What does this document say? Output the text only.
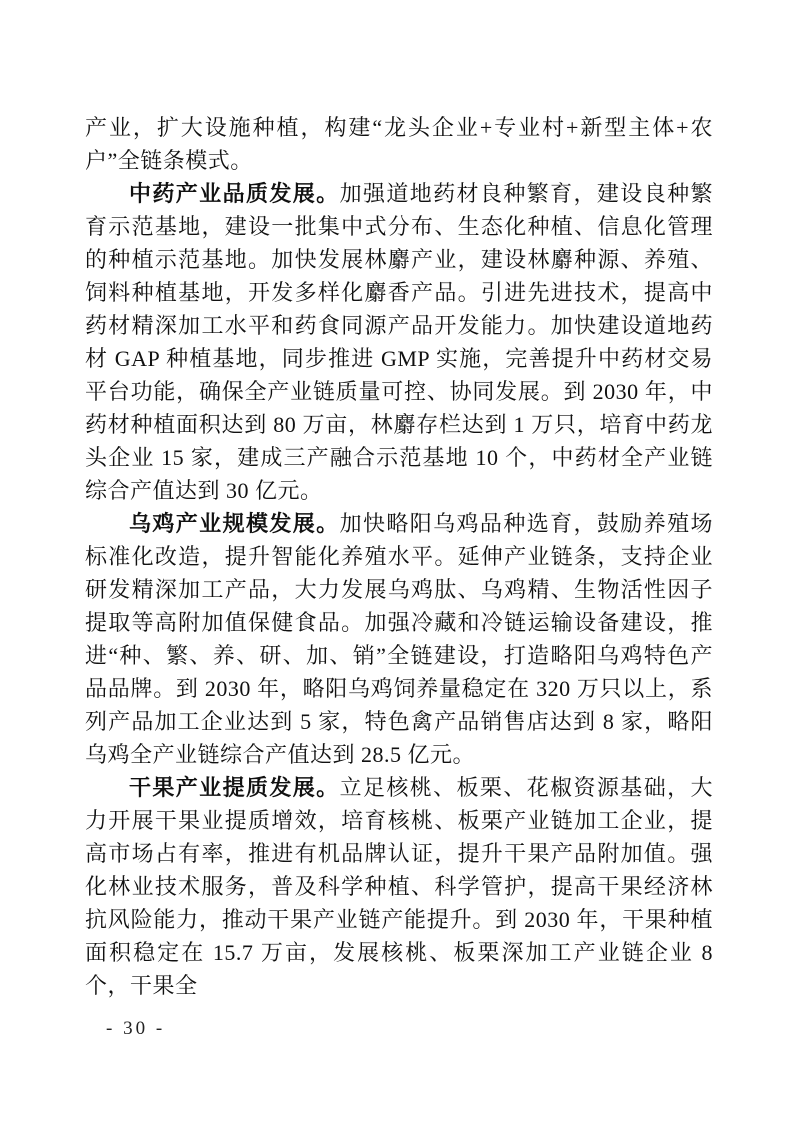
产业，扩大设施种植，构建“龙头企业+专业村+新型主体+农户”全链条模式。

中药产业品质发展。加强道地药材良种繁育，建设良种繁育示范基地，建设一批集中式分布、生态化种植、信息化管理的种植示范基地。加快发展林麝产业，建设林麝种源、养殖、饲料种植基地，开发多样化麝香产品。引进先进技术，提高中药材精深加工水平和药食同源产品开发能力。加快建设道地药材 GAP 种植基地，同步推进 GMP 实施，完善提升中药材交易平台功能，确保全产业链质量可控、协同发展。到 2030 年，中药材种植面积达到 80 万亩，林麝存栏达到 1 万只，培育中药龙头企业 15 家，建成三产融合示范基地 10 个，中药材全产业链综合产值达到 30 亿元。

乌鸡产业规模发展。加快略阳乌鸡品种选育，鼓励养殖场标准化改造，提升智能化养殖水平。延伸产业链条，支持企业研发精深加工产品，大力发展乌鸡肽、乌鸡精、生物活性因子提取等高附加值保健食品。加强冷藏和冷链运输设备建设，推进“种、繁、养、研、加、销”全链建设，打造略阳乌鸡特色产品品牌。到 2030 年，略阳乌鸡饲养量稳定在 320 万只以上，系列产品加工企业达到 5 家，特色禽产品销售店达到 8 家，略阳乌鸡全产业链综合产值达到 28.5 亿元。

干果产业提质发展。立足核桃、板栗、花椒资源基础，大力开展干果业提质增效，培育核桃、板栗产业链加工企业，提高市场占有率，推进有机品牌认证，提升干果产品附加值。强化林业技术服务，普及科学种植、科学管护，提高干果经济林抗风险能力，推动干果产业链产能提升。到 2030 年，干果种植面积稳定在 15.7 万亩，发展核桃、板栗深加工产业链企业 8 个，干果全

- 30 -
